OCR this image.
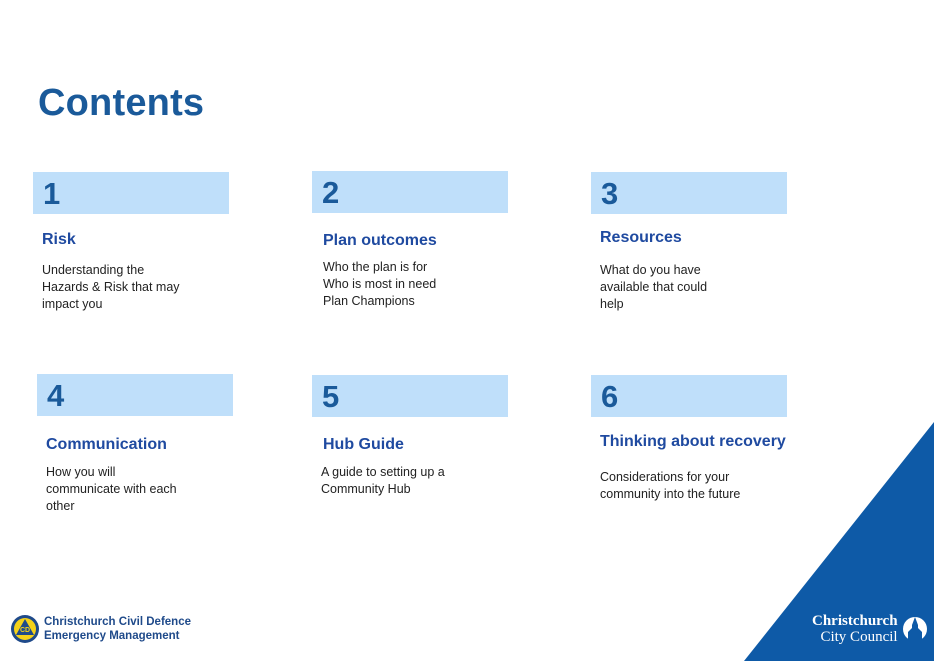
Contents
1
Risk
Understanding the Hazards & Risk that may impact you
2
Plan outcomes
Who the plan is for
Who is most in need
Plan Champions
3
Resources
What do you have available that could help
4
Communication
How you will communicate with each other
5
Hub Guide
A guide to setting up a Community Hub
6
Thinking about recovery
Considerations for your community into the future
CD
Christchurch Civil Defence
Emergency Management
Christchurch
City Council
